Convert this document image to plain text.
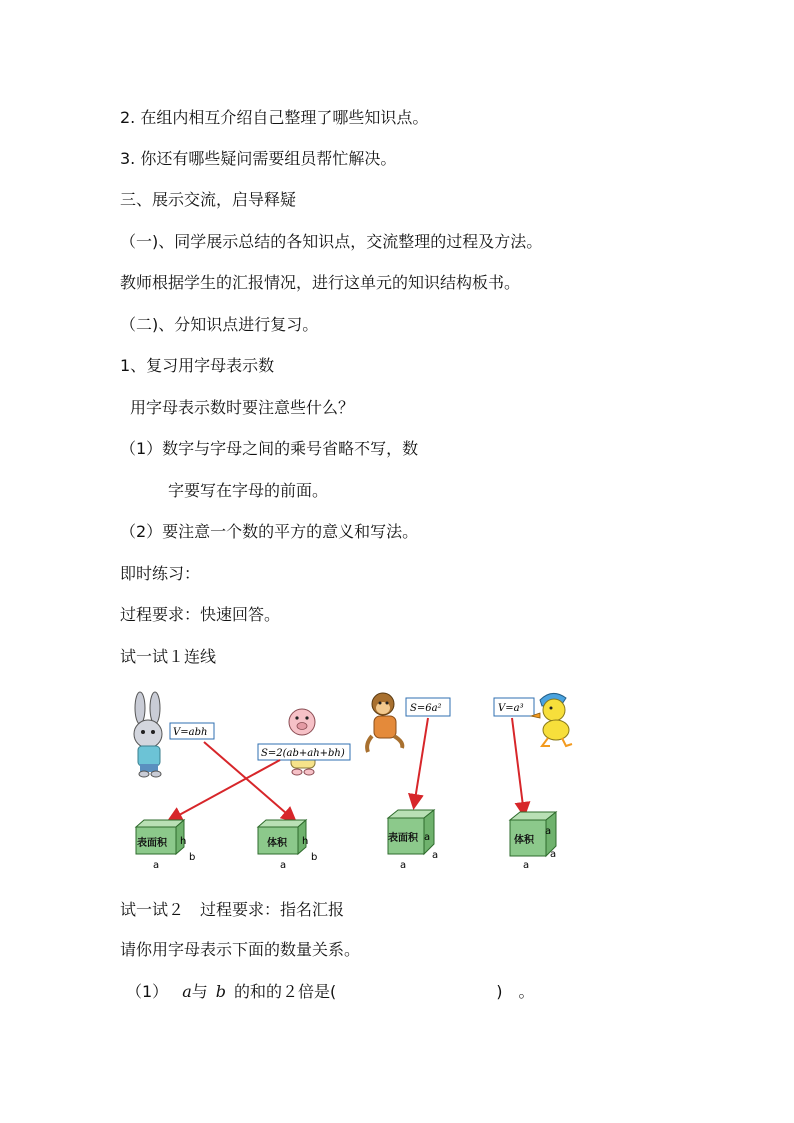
2. 在组内相互介绍自己整理了哪些知识点。
3. 你还有哪些疑问需要组员帮忙解决。
三、展示交流，启导释疑
（一)、同学展示总结的各知识点，交流整理的过程及方法。
教师根据学生的汇报情况，进行这单元的知识结构板书。
（二)、分知识点进行复习。
1、复习用字母表示数
用字母表示数时要注意些什么？
（1）数字与字母之间的乘号省略不写，数
字要写在字母的前面。
（2）要注意一个数的平方的意义和写法。
即时练习：
过程要求：快速回答。
试一试１连线
V=abh
S=2(ab+ah+bh)
S=6a²	V=a³
表面积 h
b
a
体积 h
b
a
表面积 a
a
a
体积
a
a
a
试一试２　过程要求：指名汇报
请你用字母表示下面的数量关系。
（1） a与 b 的和的２倍是(	)　。
